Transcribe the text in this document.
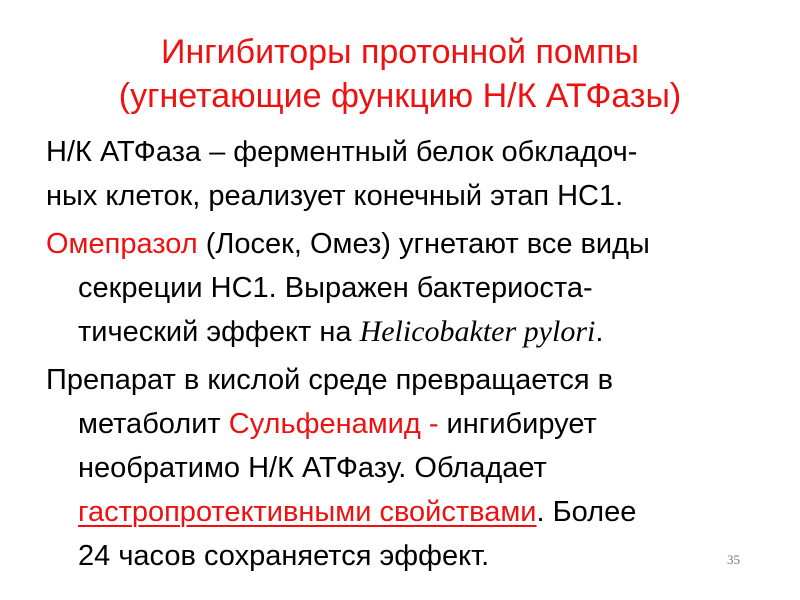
Ингибиторы протонной помпы
(угнетающие функцию Н/К АТФазы)
Н/К АТФаза – ферментный белок обкладоч-
ных клеток, реализует конечный этап НС1.
Омепразол (Лосек, Омез) угнетают все виды
секреции НС1. Выражен бактериоста-
тический эффект на Helicobakter pylori.
Препарат в кислой среде превращается в
метаболит Сульфенамид - ингибирует
необратимо Н/К АТФазу. Обладает
гастропротективными свойствами. Более
24 часов сохраняется эффект.	35
